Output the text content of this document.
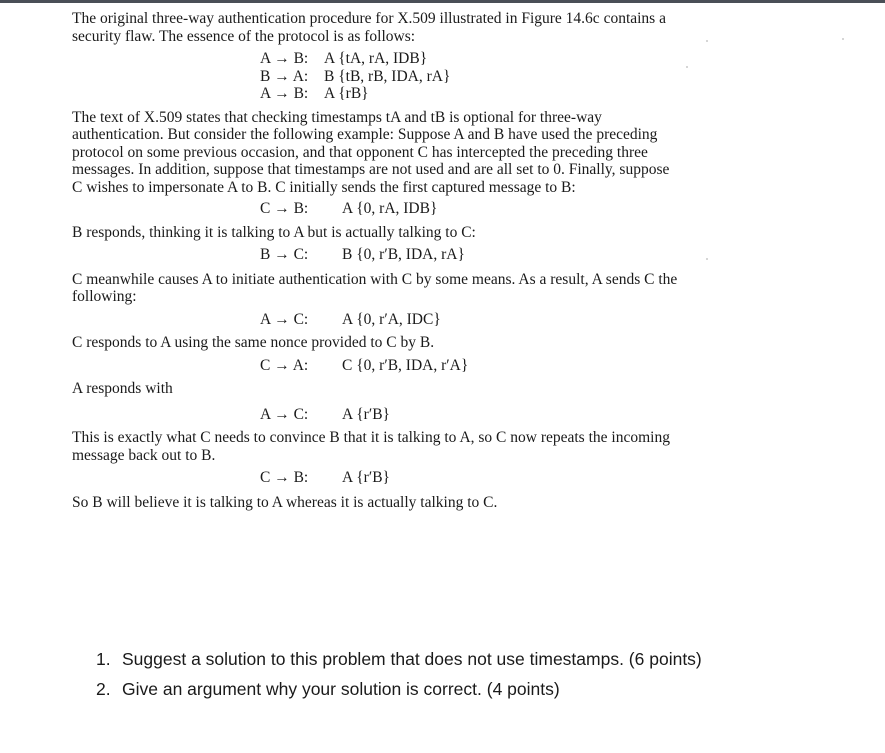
The original three-way authentication procedure for X.509 illustrated in Figure 14.6c contains a security flaw. The essence of the protocol is as follows:

A → B:	A {tA, rA, IDB}
B → A:	B {tB, rB, IDA, rA}
A → B:	A {rB}

The text of X.509 states that checking timestamps tA and tB is optional for three-way authentication. But consider the following example: Suppose A and B have used the preceding protocol on some previous occasion, and that opponent C has intercepted the preceding three messages. In addition, suppose that timestamps are not used and are all set to 0. Finally, suppose C wishes to impersonate A to B. C initially sends the first captured message to B:

C → B:	A {0, rA, IDB}

B responds, thinking it is talking to A but is actually talking to C:

B → C:	B {0, r′B, IDA, rA}

C meanwhile causes A to initiate authentication with C by some means. As a result, A sends C the following:

A → C:	A {0, r′A, IDC}

C responds to A using the same nonce provided to C by B.

C → A:	C {0, r′B, IDA, r′A}

A responds with

A → C:	A {r′B}

This is exactly what C needs to convince B that it is talking to A, so C now repeats the incoming message back out to B.

C → B:	A {r′B}

So B will believe it is talking to A whereas it is actually talking to C.

1. Suggest a solution to this problem that does not use timestamps. (6 points)
2. Give an argument why your solution is correct. (4 points)
